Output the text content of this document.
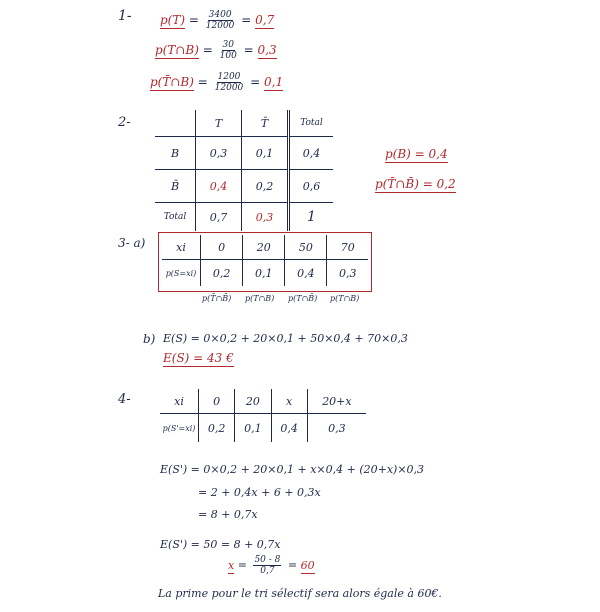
1- $p(T) = \frac{3400}{12000} = 0,7$
p(T∩B) = $\frac{30}{100} = 0,3$
p(T̄∩B) = $\frac{1200}{12000} = 0,1$
2-
		T	T̄	Total
B	0,3	0,1	0,4
B̄	0,4	0,2	0,6
Total	0,7	0,3	1
p(B) = 0,4
p(T̄∩B̄) = 0,2
3- a)	xi	0	20	50	70
p(S=xi)	0,2	0,1	0,4	0,3
p(T̄∩B̄) p(T∩B) p(T∩B̄) p(T∩B)
b) E(S) = 0×0,2 + 20×0,1 + 50×0,4 + 70×0,3
E(S) = 43 €
4-	xi	0	20	x	20+x
p(S'=xi)	0,2	0,1	0,4	0,3
E(S') = 0×0,2 + 20×0,1 + x×0,4 + (20+x)×0,3
= 2 + 0,4x + 6 + 0,3x
= 8 + 0,7x
E(S') = 50 = 8 + 0,7x
$x = \frac{50 - 8}{0,7} = 60$
La prime pour le tri sélectif sera alors égale à 60€.
